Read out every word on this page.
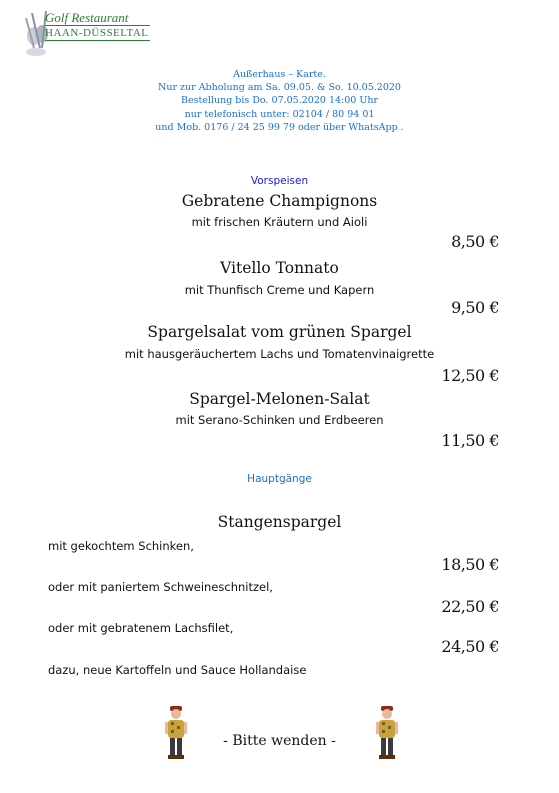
Golf Restaurant
HAAN-DÜSSELTAL
Außerhaus – Karte.
Nur zur Abholung am Sa. 09.05. & So. 10.05.2020
Bestellung bis Do. 07.05.2020 14:00 Uhr
nur telefonisch unter: 02104 / 80 94 01
und Mob. 0176 / 24 25 99 79 oder über WhatsApp .
Vorspeisen
Gebratene Champignons
mit frischen Kräutern und Aioli
8,50 €
Vitello Tonnato
mit Thunfisch Creme und Kapern
9,50 €
Spargelsalat vom grünen Spargel
mit hausgeräuchertem Lachs und Tomatenvinaigrette
12,50 €
Spargel-Melonen-Salat
mit Serano-Schinken und Erdbeeren
11,50 €
Hauptgänge
Stangenspargel
mit gekochtem Schinken,
18,50 €
oder mit paniertem Schweineschnitzel,
22,50 €
oder mit gebratenem Lachsfilet,
24,50 €
dazu, neue Kartoffeln und Sauce Hollandaise
- Bitte wenden -
